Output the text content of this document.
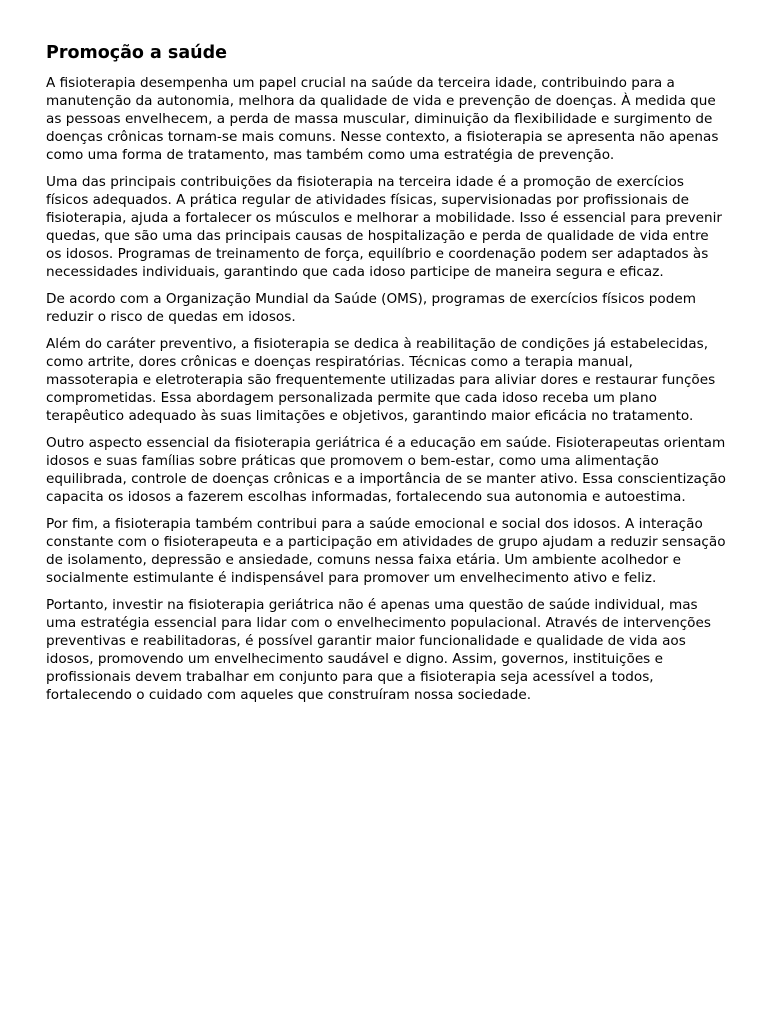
Promoção a saúde

A fisioterapia desempenha um papel crucial na saúde da terceira idade, contribuindo para a manutenção da autonomia, melhora da qualidade de vida e prevenção de doenças. À medida que as pessoas envelhecem, a perda de massa muscular, diminuição da flexibilidade e surgimento de doenças crônicas tornam-se mais comuns. Nesse contexto, a fisioterapia se apresenta não apenas como uma forma de tratamento, mas também como uma estratégia de prevenção.

Uma das principais contribuições da fisioterapia na terceira idade é a promoção de exercícios físicos adequados. A prática regular de atividades físicas, supervisionadas por profissionais de fisioterapia, ajuda a fortalecer os músculos e melhorar a mobilidade. Isso é essencial para prevenir quedas, que são uma das principais causas de hospitalização e perda de qualidade de vida entre os idosos. Programas de treinamento de força, equilíbrio e coordenação podem ser adaptados às necessidades individuais, garantindo que cada idoso participe de maneira segura e eficaz.

De acordo com a Organização Mundial da Saúde (OMS), programas de exercícios físicos podem reduzir o risco de quedas em idosos.

Além do caráter preventivo, a fisioterapia se dedica à reabilitação de condições já estabelecidas, como artrite, dores crônicas e doenças respiratórias. Técnicas como a terapia manual, massoterapia e eletroterapia são frequentemente utilizadas para aliviar dores e restaurar funções comprometidas. Essa abordagem personalizada permite que cada idoso receba um plano terapêutico adequado às suas limitações e objetivos, garantindo maior eficácia no tratamento.

Outro aspecto essencial da fisioterapia geriátrica é a educação em saúde. Fisioterapeutas orientam idosos e suas famílias sobre práticas que promovem o bem-estar, como uma alimentação equilibrada, controle de doenças crônicas e a importância de se manter ativo. Essa conscientização capacita os idosos a fazerem escolhas informadas, fortalecendo sua autonomia e autoestima.

Por fim, a fisioterapia também contribui para a saúde emocional e social dos idosos. A interação constante com o fisioterapeuta e a participação em atividades de grupo ajudam a reduzir sensação de isolamento, depressão e ansiedade, comuns nessa faixa etária. Um ambiente acolhedor e socialmente estimulante é indispensável para promover um envelhecimento ativo e feliz.

Portanto, investir na fisioterapia geriátrica não é apenas uma questão de saúde individual, mas uma estratégia essencial para lidar com o envelhecimento populacional. Através de intervenções preventivas e reabilitadoras, é possível garantir maior funcionalidade e qualidade de vida aos idosos, promovendo um envelhecimento saudável e digno. Assim, governos, instituições e profissionais devem trabalhar em conjunto para que a fisioterapia seja acessível a todos, fortalecendo o cuidado com aqueles que construíram nossa sociedade.
